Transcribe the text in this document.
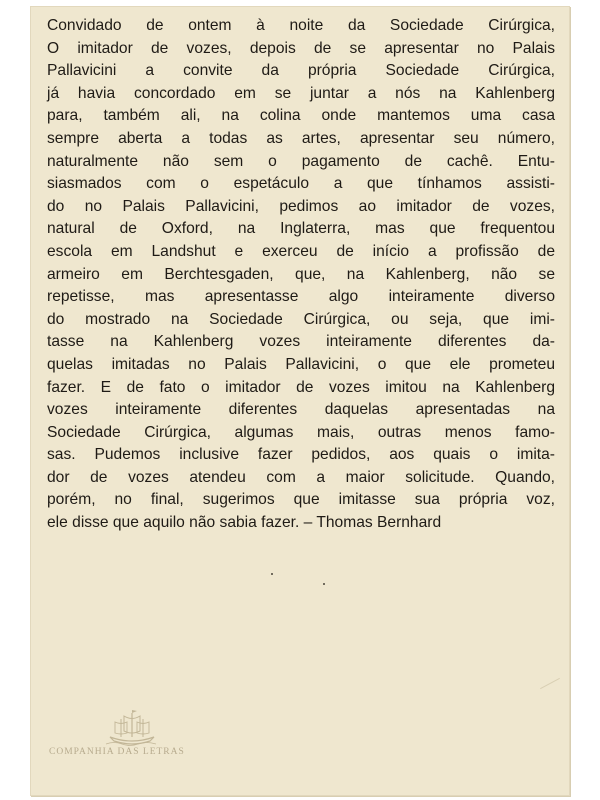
Convidado de ontem à noite da Sociedade Cirúrgica,
O imitador de vozes, depois de se apresentar no Palais
Pallavicini a convite da própria Sociedade Cirúrgica,
já havia concordado em se juntar a nós na Kahlenberg
para, também ali, na colina onde mantemos uma casa
sempre aberta a todas as artes, apresentar seu número,
naturalmente não sem o pagamento de cachê. Entu-
siasmados com o espetáculo a que tínhamos assisti-
do no Palais Pallavicini, pedimos ao imitador de vozes,
natural de Oxford, na Inglaterra, mas que frequentou
escola em Landshut e exerceu de início a profissão de
armeiro em Berchtesgaden, que, na Kahlenberg, não se
repetisse, mas apresentasse algo inteiramente diverso
do mostrado na Sociedade Cirúrgica, ou seja, que imi-
tasse na Kahlenberg vozes inteiramente diferentes da-
quelas imitadas no Palais Pallavicini, o que ele prometeu
fazer. E de fato o imitador de vozes imitou na Kahlenberg
vozes inteiramente diferentes daquelas apresentadas na
Sociedade Cirúrgica, algumas mais, outras menos famo-
sas. Pudemos inclusive fazer pedidos, aos quais o imita-
dor de vozes atendeu com a maior solicitude. Quando,
porém, no final, sugerimos que imitasse sua própria voz,
ele disse que aquilo não sabia fazer. – Thomas Bernhard
COMPANHIA DAS LETRAS
